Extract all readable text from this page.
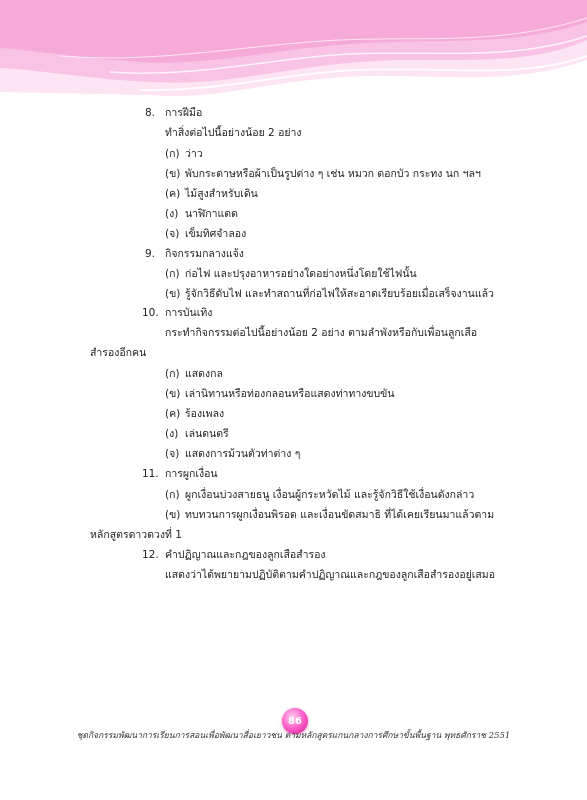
8. การฝีมือ
ทำสิ่งต่อไปนี้อย่างน้อย 2 อย่าง
(ก) ว่าว
(ข) พับกระดาษหรือผ้าเป็นรูปต่าง ๆ เช่น หมวก ดอกบัว กระทง นก ฯลฯ
(ค) ไม้สูงสำหรับเดิน
(ง) นาฬิกาแดด
(จ) เข็มทิศจำลอง
9. กิจกรรมกลางแจ้ง
(ก) ก่อไฟ และปรุงอาหารอย่างใดอย่างหนึ่งโดยใช้ไฟนั้น
(ข) รู้จักวิธีดับไฟ และทำสถานที่ก่อไฟให้สะอาดเรียบร้อยเมื่อเสร็จงานแล้ว
10. การบันเทิง
กระทำกิจกรรมต่อไปนี้อย่างน้อย 2 อย่าง ตามลำพังหรือกับเพื่อนลูกเสือ
สำรองอีกคน
(ก) แสดงกล
(ข) เล่านิทานหรือท่องกลอนหรือแสดงท่าทางขบขัน
(ค) ร้องเพลง
(ง) เล่นดนตรี
(จ) แสดงการม้วนตัวท่าต่าง ๆ
11. การผูกเงื่อน
(ก) ผูกเงื่อนบ่วงสายธนู เงื่อนผู้กระหวัดไม้ และรู้จักวิธีใช้เงื่อนดังกล่าว
(ข) ทบทวนการผูกเงื่อนพิรอด และเงื่อนขัดสมาธิ ที่ได้เคยเรียนมาแล้วตาม
หลักสูตรดาวดวงที่ 1
12. คำปฏิญาณและกฎของลูกเสือสำรอง
แสดงว่าได้พยายามปฏิบัติตามคำปฏิญาณและกฎของลูกเสือสำรองอยู่เสมอ
86
ชุดกิจกรรมพัฒนาการเรียนการสอนเพื่อพัฒนาสื่อเยาวชน ตามหลักสูตรแกนกลางการศึกษาขั้นพื้นฐาน พุทธศักราช 2551
